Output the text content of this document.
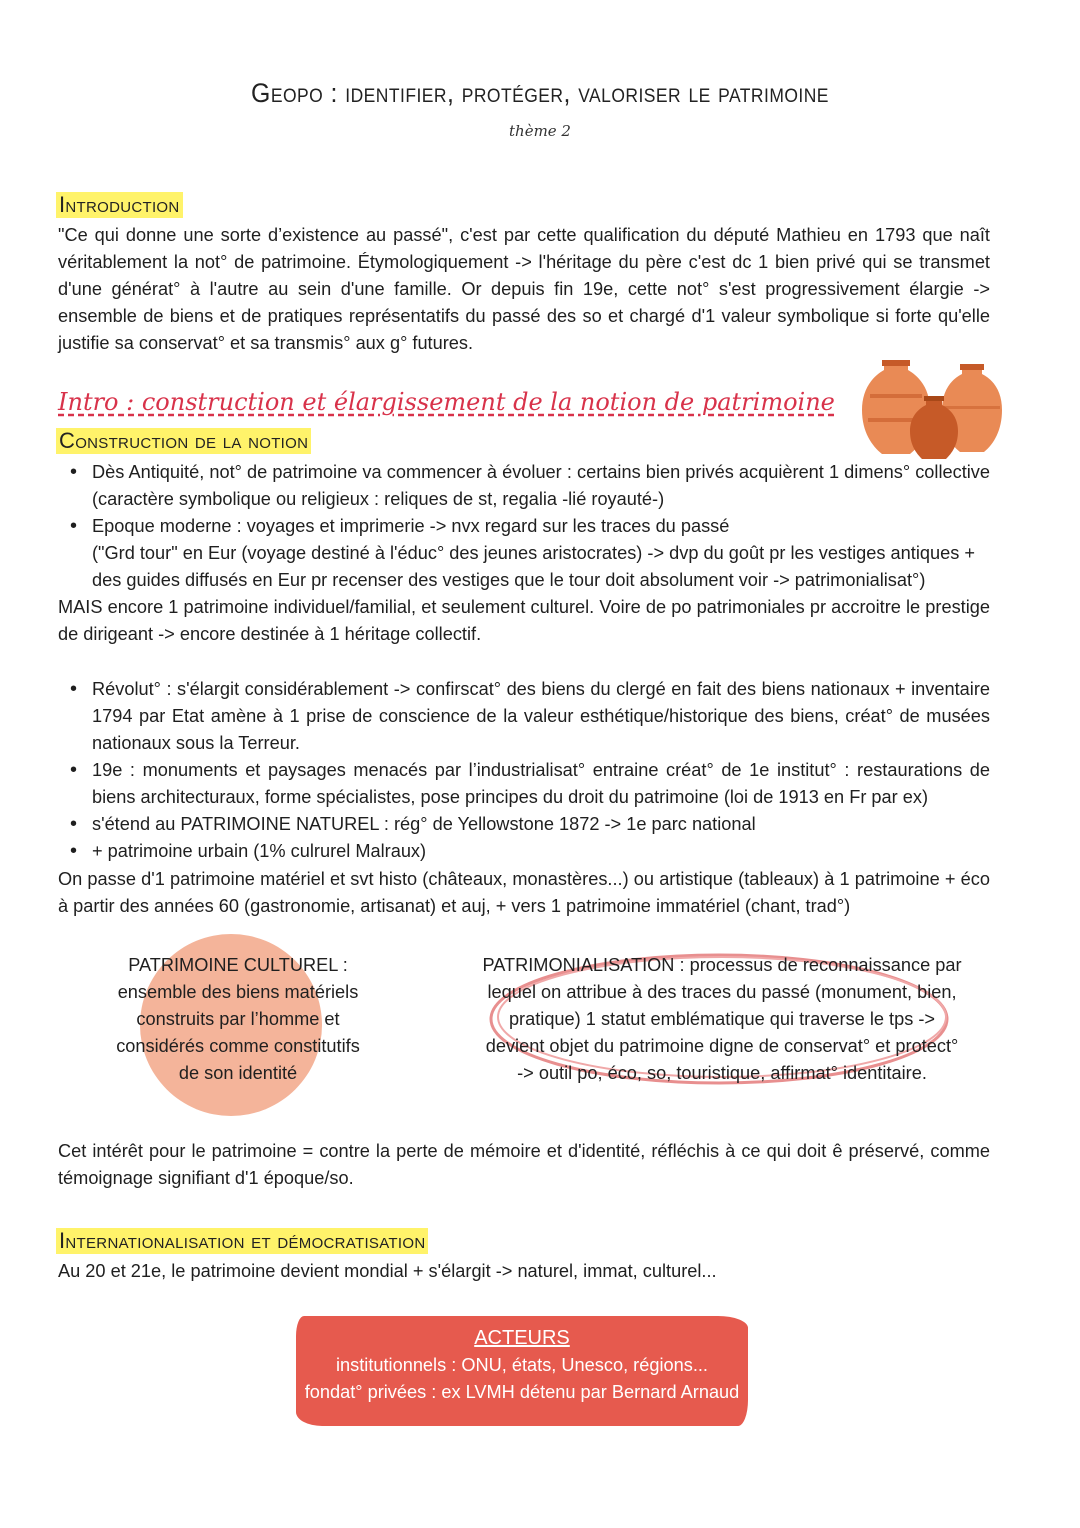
Geopo : identifier, protéger, valoriser le patrimoine
thème 2
Introduction
"Ce qui donne une sorte d’existence au passé", c'est par cette qualification du député Mathieu en 1793 que naît véritablement la not° de patrimoine. Étymologiquement -> l'héritage du père c'est dc 1 bien privé qui se transmet d'une générat° à l'autre au sein d'une famille. Or depuis fin 19e, cette not° s'est progressivement élargie -> ensemble de biens et de pratiques représentatifs du passé des so et chargé d'1 valeur symbolique si forte qu'elle justifie sa conservat° et sa transmis° aux g° futures.
Intro : construction et élargissement de la notion de patrimoine
Construction de la notion
• Dès Antiquité, not° de patrimoine va commencer à évoluer : certains bien privés acquièrent 1 dimens° collective (caractère symbolique ou religieux : reliques de st, regalia -lié royauté-)
• Epoque moderne : voyages et imprimerie -> nvx regard sur les traces du passé
("Grd tour" en Eur (voyage destiné à l'éduc° des jeunes aristocrates) -> dvp du goût pr les vestiges antiques + des guides diffusés en Eur pr recenser des vestiges que le tour doit absolument voir -> patrimonialisat°)
MAIS encore 1 patrimoine individuel/familial, et seulement culturel. Voire de po patrimoniales pr accroitre le prestige de dirigeant -> encore destinée à 1 héritage collectif.
• Révolut° : s'élargit considérablement -> confirscat° des biens du clergé en fait des biens nationaux + inventaire 1794 par Etat amène à 1 prise de conscience de la valeur esthétique/historique des biens, créat° de musées nationaux sous la Terreur.
• 19e : monuments et paysages menacés par l’industrialisat° entraine créat° de 1e institut° : restaurations de biens architecturaux, forme spécialistes, pose principes du droit du patrimoine (loi de 1913 en Fr par ex)
• s'étend au PATRIMOINE NATUREL : rég° de Yellowstone 1872 -> 1e parc national
• + patrimoine urbain (1% culrurel Malraux)
On passe d'1 patrimoine matériel et svt histo (châteaux, monastères...) ou artistique (tableaux) à 1 patrimoine + éco à partir des années 60 (gastronomie, artisanat) et auj, + vers 1 patrimoine immatériel (chant, trad°)
PATRIMOINE CULTUREL :
ensemble des biens matériels
construits par l’homme et
considérés comme constitutifs
de son identité
PATRIMONIALISATION : processus de reconnaissance par
lequel on attribue à des traces du passé (monument, bien,
pratique) 1 statut emblématique qui traverse le tps ->
devient objet du patrimoine digne de conservat° et protect°
-> outil po, éco, so, touristique, affirmat° identitaire.
Cet intérêt pour le patrimoine = contre la perte de mémoire et d'identité, réfléchis à ce qui doit ê préservé, comme témoignage signifiant d'1 époque/so.
Internationalisation et démocratisation
Au 20 et 21e, le patrimoine devient mondial + s'élargit -> naturel, immat, culturel...
ACTEURS
institutionnels : ONU, états, Unesco, régions...
fondat° privées : ex LVMH détenu par Bernard Arnaud
